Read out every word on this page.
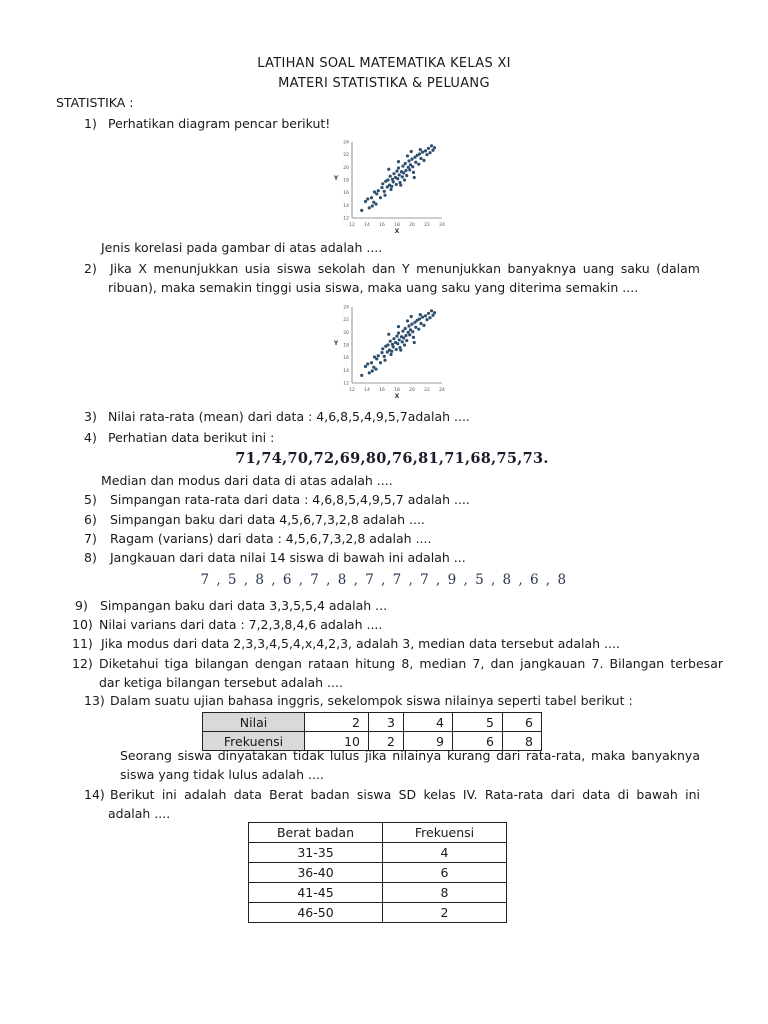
LATIHAN SOAL MATEMATIKA KELAS XI
MATERI STATISTIKA & PELUANG
STATISTIKA :
1) Perhatikan diagram pencar berikut!
12 14 16 18 20 22 24
12
14
16
18
20
22
24
X
Y
Jenis korelasi pada gambar di atas adalah ....
2) Jika X menunjukkan usia siswa sekolah dan Y menunjukkan banyaknya uang saku (dalam
ribuan), maka semakin tinggi usia siswa, maka uang saku yang diterima semakin ....
12 14 16 18 20 22 24
12
14
16
18
20
22
24
X
Y
3) Nilai rata-rata (mean) dari data : 4,6,8,5,4,9,5,7adalah ....
4) Perhatian data berikut ini :
71,74,70,72,69,80,76,81,71,68,75,73.
Median dan modus dari data di atas adalah ....
5) Simpangan rata-rata dari data : 4,6,8,5,4,9,5,7 adalah ....
6) Simpangan baku dari data 4,5,6,7,3,2,8 adalah ....
7) Ragam (varians) dari data : 4,5,6,7,3,2,8 adalah ....
8) Jangkauan dari data nilai 14 siswa di bawah ini adalah ...
7 , 5 , 8 , 6 , 7 , 8 , 7 , 7 , 7 , 9 , 5 , 8 , 6 , 8
9) Simpangan baku dari data 3,3,5,5,4 adalah ...
10) Nilai varians dari data : 7,2,3,8,4,6 adalah ....
11) Jika modus dari data 2,3,3,4,5,4,x,4,2,3, adalah 3, median data tersebut adalah ....
12) Diketahui tiga bilangan dengan rataan hitung 8, median 7, dan jangkauan 7. Bilangan terbesar
dar ketiga bilangan tersebut adalah ....
13) Dalam suatu ujian bahasa inggris, sekelompok siswa nilainya seperti tabel berikut :
Nilai	2	3	4	5	6
Frekuensi	10	2	9	6	8
Seorang siswa dinyatakan tidak lulus jika nilainya kurang dari rata-rata, maka banyaknya
siswa yang tidak lulus adalah ....
14) Berikut ini adalah data Berat badan siswa SD kelas IV. Rata-rata dari data di bawah ini
adalah ....
Berat badan	Frekuensi
31-35	4
36-40	6
41-45	8
46-50	2
